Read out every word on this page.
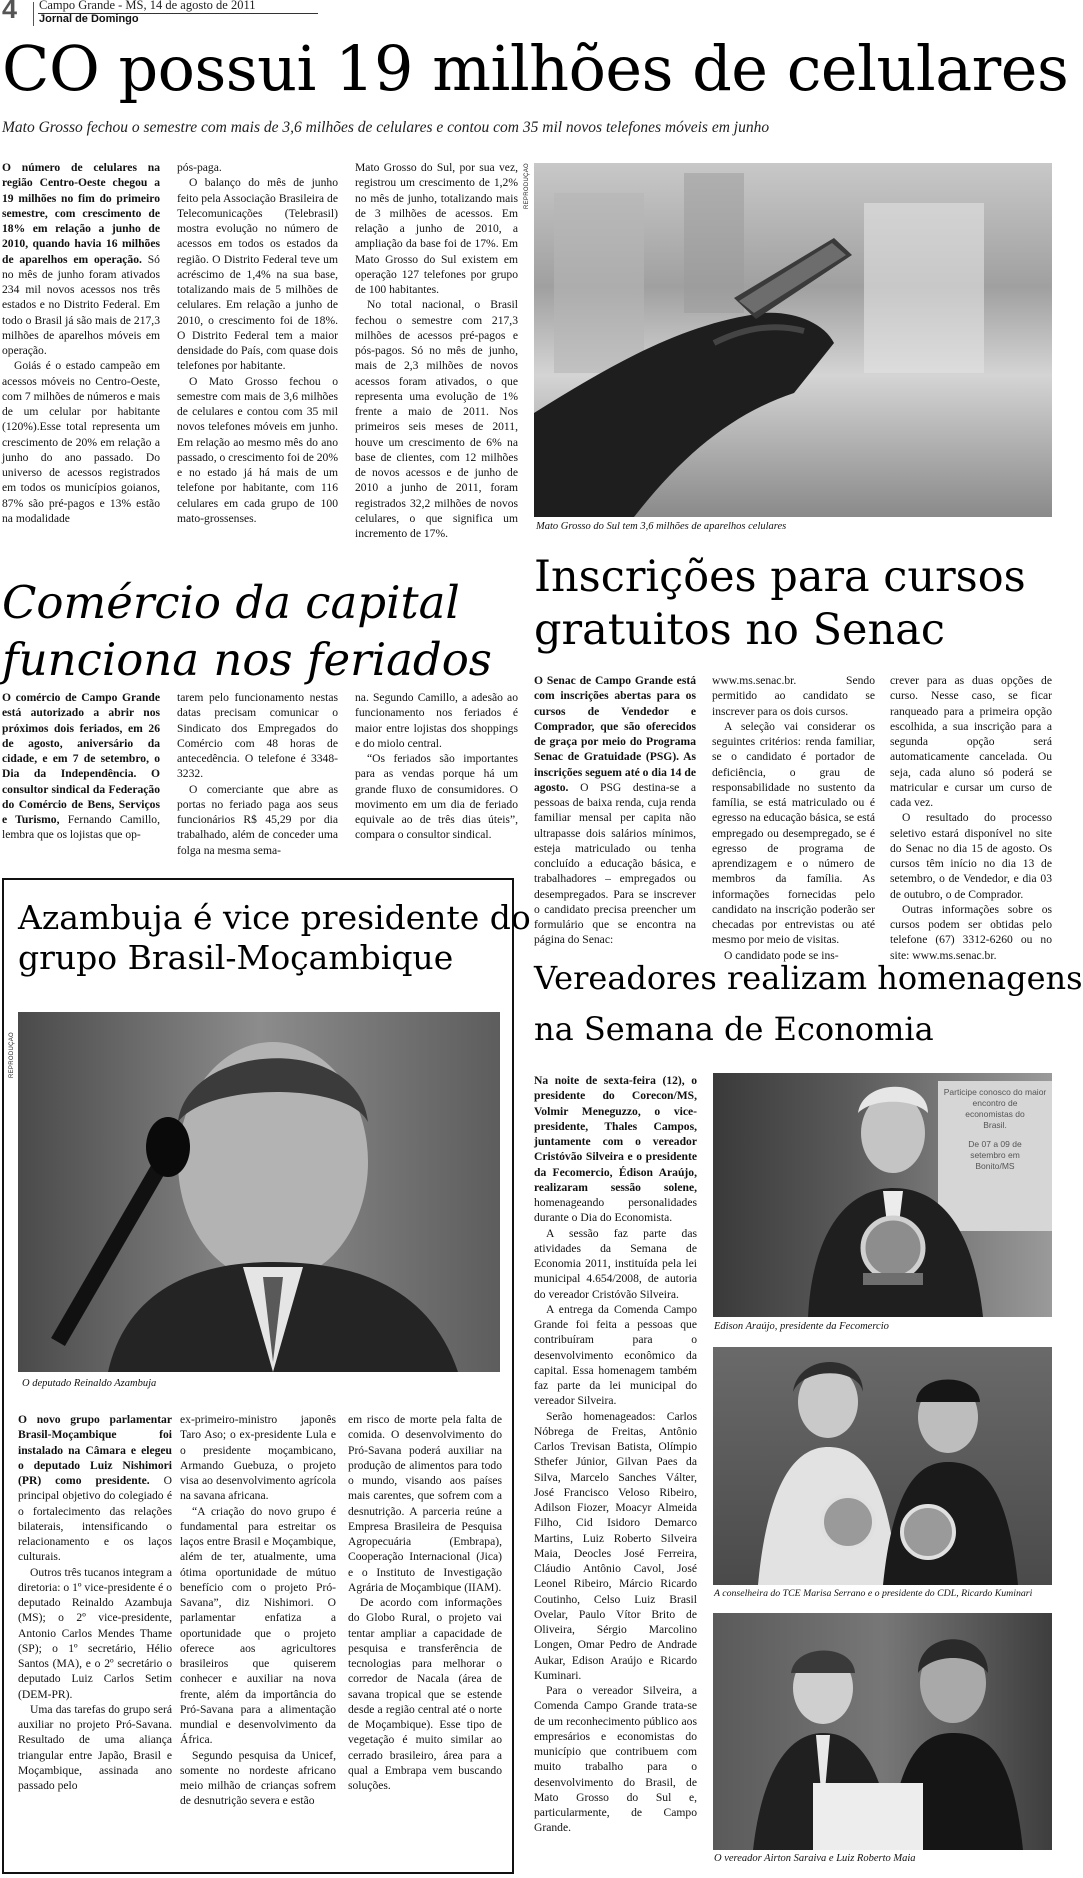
4 Campo Grande - MS, 14 de agosto de 2011
Jornal de Domingo
CO possui 19 milhões de celulares
Mato Grosso fechou o semestre com mais de 3,6 milhões de celulares e contou com 35 mil novos telefones móveis em junho

O número de celulares na região Centro-Oeste chegou a 19 milhões no fim do primeiro semestre, com crescimento de 18% em relação a junho de 2010, quando havia 16 milhões de aparelhos em operação. Só no mês de junho foram ativados 234 mil novos acessos nos três estados e no Distrito Federal. Em todo o Brasil já são mais de 217,3 milhões de aparelhos móveis em operação.

Goiás é o estado campeão em acessos móveis no Centro-Oeste, com 7 milhões de números e mais de um celular por habitante (120%).Esse total representa um crescimento de 20% em relação a junho do ano passado. Do universo de acessos registrados em todos os municípios goianos, 87% são pré-pagos e 13% estão na modalidade

pós-paga.

O balanço do mês de junho feito pela Associação Brasileira de Telecomunicações (Telebrasil) mostra evolução no número de acessos em todos os estados da região. O Distrito Federal teve um acréscimo de 1,4% na sua base, totalizando mais de 5 milhões de celulares. Em relação a junho de 2010, o crescimento foi de 18%. O Distrito Federal tem a maior densidade do País, com quase dois telefones por habitante.

O Mato Grosso fechou o semestre com mais de 3,6 milhões de celulares e contou com 35 mil novos telefones móveis em junho. Em relação ao mesmo mês do ano passado, o crescimento foi de 20% e no estado já há mais de um telefone por habitante, com 116 celulares em cada grupo de 100 mato-grossenses.

Mato Grosso do Sul, por sua vez, registrou um crescimento de 1,2% no mês de junho, totalizando mais de 3 milhões de acessos. Em relação a junho de 2010, a ampliação da base foi de 17%. Em Mato Grosso do Sul existem em operação 127 telefones por grupo de 100 habitantes.

No total nacional, o Brasil fechou o semestre com 217,3 milhões de acessos pré-pagos e pós-pagos. Só no mês de junho, mais de 2,3 milhões de novos acessos foram ativados, o que representa uma evolução de 1% frente a maio de 2011. Nos primeiros seis meses de 2011, houve um crescimento de 6% na base de clientes, com 12 milhões de novos acessos e de junho de 2010 a junho de 2011, foram registrados 32,2 milhões de novos celulares, o que significa um incremento de 17%.

REPRODUÇÃO
Mato Grosso do Sul tem 3,6 milhões de aparelhos celulares
Comércio da capital
funciona nos feriados

O comércio de Campo Grande está autorizado a abrir nos próximos dois feriados, em 26 de agosto, aniversário da cidade, e em 7 de setembro, o Dia da Independência. O consultor sindical da Federação do Comércio de Bens, Serviços e Turismo, Fernando Camillo, lembra que os lojistas que op-

tarem pelo funcionamento nestas datas precisam comunicar o Sindicato dos Empregados do Comércio com 48 horas de antecedência. O telefone é 3348-3232.

O comerciante que abre as portas no feriado paga aos seus funcionários R$ 45,29 por dia trabalhado, além de conceder uma folga na mesma sema-

na. Segundo Camillo, a adesão ao funcionamento nos feriados é maior entre lojistas dos shoppings e do miolo central.

“Os feriados são importantes para as vendas porque há um grande fluxo de consumidores. O movimento em um dia de feriado equivale ao de três dias úteis”, compara o consultor sindical.

Inscrições para cursos
gratuitos no Senac

O Senac de Campo Grande está com inscrições abertas para os cursos de Vendedor e Comprador, que são oferecidos de graça por meio do Programa Senac de Gratuidade (PSG). As inscrições seguem até o dia 14 de agosto. O PSG destina-se a pessoas de baixa renda, cuja renda familiar mensal per capita não ultrapasse dois salários mínimos, esteja matriculado ou tenha concluído a educação básica, e trabalhadores – empregados ou desempregados. Para se inscrever o candidato precisa preencher um formulário que se encontra na página do Senac:

www.ms.senac.br. Sendo permitido ao candidato se inscrever para os dois cursos.

A seleção vai considerar os seguintes critérios: renda familiar, se o candidato é portador de deficiência, o grau de responsabilidade no sustento da família, se está matriculado ou é egresso na educação básica, se está empregado ou desempregado, se é egresso de programa de aprendizagem e o número de membros da família. As informações fornecidas pelo candidato na inscrição poderão ser checadas por entrevistas ou até mesmo por meio de visitas.

O candidato pode se ins-

crever para as duas opções de curso. Nesse caso, se ficar ranqueado para a primeira opção escolhida, a sua inscrição para a segunda opção será automaticamente cancelada. Ou seja, cada aluno só poderá se matricular e cursar um curso de cada vez.

O resultado do processo seletivo estará disponível no site do Senac no dia 15 de agosto. Os cursos têm início no dia 13 de setembro, o de Vendedor, e dia 03 de outubro, o de Comprador.

Outras informações sobre os cursos podem ser obtidas pelo telefone (67) 3312-6260 ou no site: www.ms.senac.br.

Azambuja é vice presidente do
grupo Brasil-Moçambique
REPRODUÇÃO
O deputado Reinaldo Azambuja

O novo grupo parlamentar Brasil-Moçambique foi instalado na Câmara e elegeu o deputado Luiz Nishimori (PR) como presidente. O principal objetivo do colegiado é o fortalecimento das relações bilaterais, intensificando o relacionamento e os laços culturais.

Outros três tucanos integram a diretoria: o 1º vice-presidente é o deputado Reinaldo Azambuja (MS); o 2º vice-presidente, Antonio Carlos Mendes Thame (SP); o 1º secretário, Hélio Santos (MA), e o 2º secretário o deputado Luiz Carlos Setim (DEM-PR).

Uma das tarefas do grupo será auxiliar no projeto Pró-Savana. Resultado de uma aliança triangular entre Japão, Brasil e Moçambique, assinada ano passado pelo

ex-primeiro-ministro japonês Taro Aso; o ex-presidente Lula e o presidente moçambicano, Armando Guebuza, o projeto visa ao desenvolvimento agrícola na savana africana.

“A criação do novo grupo é fundamental para estreitar os laços entre Brasil e Moçambique, além de ter, atualmente, uma ótima oportunidade de mútuo benefício com o projeto Pró-Savana”, diz Nishimori. O parlamentar enfatiza a oportunidade que o projeto oferece aos agricultores brasileiros que quiserem conhecer e auxiliar na nova frente, além da importância do Pró-Savana para a alimentação mundial e desenvolvimento da África.

Segundo pesquisa da Unicef, somente no nordeste africano meio milhão de crianças sofrem de desnutrição severa e estão

em risco de morte pela falta de comida. O desenvolvimento do Pró-Savana poderá auxiliar na produção de alimentos para todo o mundo, visando aos países mais carentes, que sofrem com a desnutrição. A parceria reúne a Empresa Brasileira de Pesquisa Agropecuária (Embrapa), Cooperação Internacional (Jica) e o Instituto de Investigação Agrária de Moçambique (IIAM).

De acordo com informações do Globo Rural, o projeto vai tentar ampliar a capacidade de pesquisa e transferência de tecnologias para melhorar o corredor de Nacala (área de savana tropical que se estende desde a região central até o norte de Moçambique). Esse tipo de vegetação é muito similar ao cerrado brasileiro, área para a qual a Embrapa vem buscando soluções.

Vereadores realizam homenagens
na Semana de Economia

Na noite de sexta-feira (12), o presidente do Corecon/MS, Volmir Meneguzzo, o vice-presidente, Thales Campos, juntamente com o vereador Cristóvão Silveira e o presidente da Fecomercio, Édison Araújo, realizaram sessão solene, homenageando personalidades durante o Dia do Economista.

A sessão faz parte das atividades da Semana de Economia 2011, instituída pela lei municipal 4.654/2008, de autoria do vereador Cristóvão Silveira.

A entrega da Comenda Campo Grande foi feita a pessoas que contribuíram para o desenvolvimento econômico da capital. Essa homenagem também faz parte da lei municipal do vereador Silveira.

Serão homenageados: Carlos Nóbrega de Freitas, Antônio Carlos Trevisan Batista, Olímpio Sthefer Júnior, Gilvan Paes da Silva, Marcelo Sanches Válter, José Francisco Veloso Ribeiro, Adilson Fiozer, Moacyr Almeida Filho, Cid Isidoro Demarco Martins, Luiz Roberto Silveira Maia, Deocles José Ferreira, Cláudio Antônio Cavol, José Leonel Ribeiro, Márcio Ricardo Coutinho, Celso Luiz Brasil Ovelar, Paulo Vítor Brito de Oliveira, Sérgio Marcolino Longen, Omar Pedro de Andrade Aukar, Edison Araújo e Ricardo Kuminari.

Para o vereador Silveira, a Comenda Campo Grande trata-se de um reconhecimento público aos empresários e economistas do município que contribuem com muito trabalho para o desenvolvimento do Brasil, de Mato Grosso do Sul e, particularmente, de Campo Grande.

Participe conosco do maior
encontro de
economistas do
Brasil.
De 07 a 09 de
setembro em
Bonito/MS
Edison Araújo, presidente da Fecomercio
A conselheira do TCE Marisa Serrano e o presidente do CDL, Ricardo Kuminari
O vereador Airton Saraiva e Luiz Roberto Maia
